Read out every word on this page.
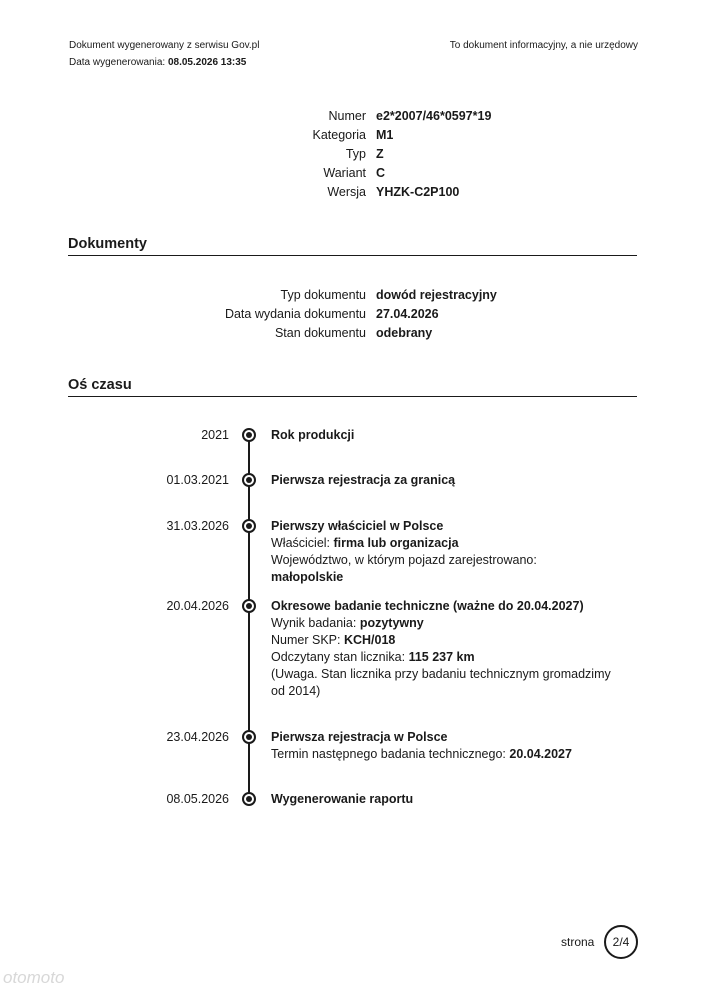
Dokument wygenerowany z serwisu Gov.pl
Data wygenerowania: 08.05.2026 13:35
To dokument informacyjny, a nie urzędowy
Numer e2*2007/46*0597*19
Kategoria M1
Typ Z
Wariant C
Wersja YHZK-C2P100
Dokumenty
Typ dokumentu dowód rejestracyjny
Data wydania dokumentu 27.04.2026
Stan dokumentu odebrany
Oś czasu
2021	Rok produkcji
01.03.2021	Pierwsza rejestracja za granicą
31.03.2026	Pierwszy właściciel w Polsce
Właściciel: firma lub organizacja
Województwo, w którym pojazd zarejestrowano: małopolskie
20.04.2026	Okresowe badanie techniczne (ważne do 20.04.2027)
Wynik badania: pozytywny
Numer SKP: KCH/018
Odczytany stan licznika: 115 237 km
(Uwaga. Stan licznika przy badaniu technicznym gromadzimy od 2014)
23.04.2026	Pierwsza rejestracja w Polsce
Termin następnego badania technicznego: 20.04.2027
08.05.2026	Wygenerowanie raportu
strona	2/4
otomoto
